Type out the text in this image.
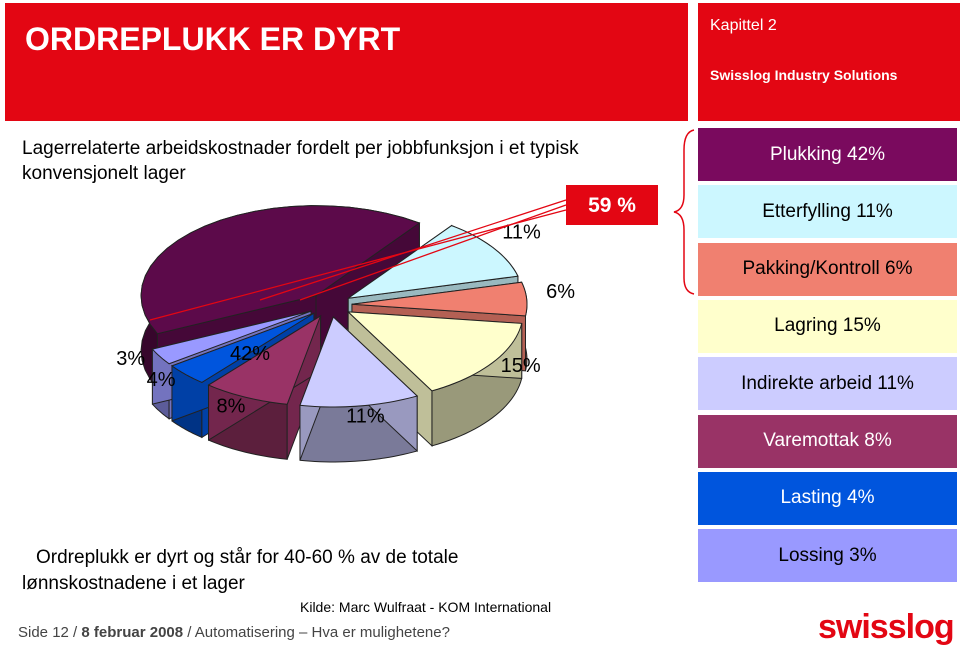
ORDREPLUKK ER DYRT	Kapittel 2
Swisslog Industry Solutions
Lagerrelaterte arbeidskostnader fordelt per jobbfunksjon i et typisk konvensjonelt lager
42%
11%
6%
15%
11%
8%
4%
3%
59 %
Plukking 42%
Etterfylling 11%
Pakking/Kontroll 6%
Lagring 15%
Indirekte arbeid 11%
Varemottak 8%
Lasting 4%
Lossing 3%
Ordreplukk er dyrt og står for 40-60 % av de totale
lønnskostnadene i et lager
Kilde: Marc Wulfraat - KOM International
Side 12 / 8 februar 2008 / Automatisering – Hva er mulighetene?	swisslog
